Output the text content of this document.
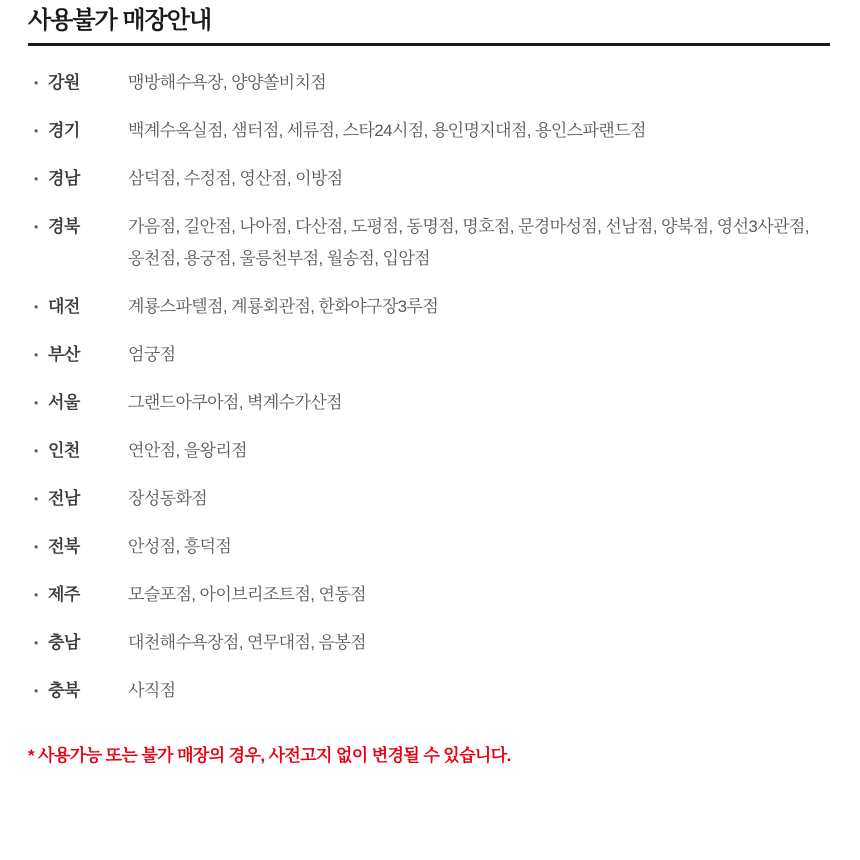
사용불가 매장안내
• 강원	맹방해수욕장, 양양쏠비치점
• 경기	백계수옥실점, 샘터점, 세류점, 스타24시점, 용인명지대점, 용인스파랜드점
• 경남	삼덕점, 수정점, 영산점, 이방점
• 경북	가음점, 길안점, 나아점, 다산점, 도평점, 동명점, 명호점, 문경마성점, 선남점, 양북점, 영선3사관점, 옹천점, 용궁점, 울릉천부점, 월송점, 입암점
• 대전	계룡스파텔점, 계룡회관점, 한화야구장3루점
• 부산	엄궁점
• 서울	그랜드아쿠아점, 벽계수가산점
• 인천	연안점, 을왕리점
• 전남	장성동화점
• 전북	안성점, 흥덕점
• 제주	모슬포점, 아이브리조트점, 연동점
• 충남	대천해수욕장점, 연무대점, 음봉점
• 충북	사직점

* 사용가능 또는 불가 매장의 경우, 사전고지 없이 변경될 수 있습니다.
